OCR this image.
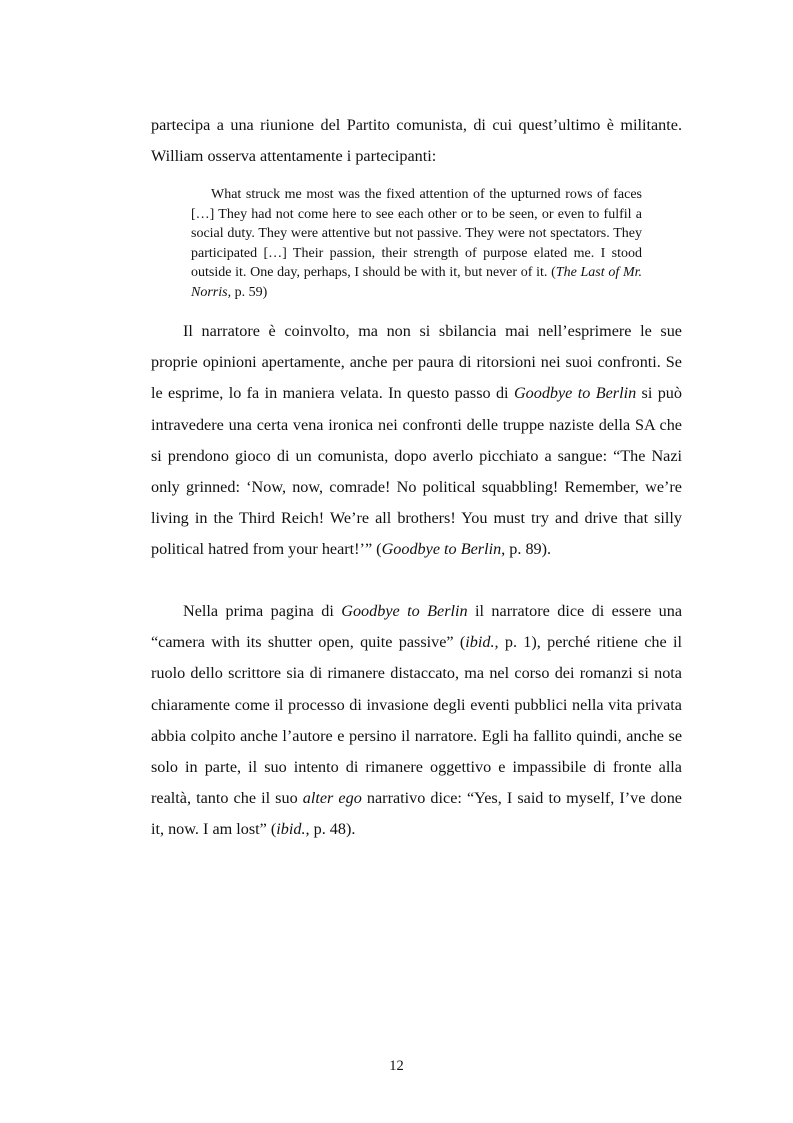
partecipa a una riunione del Partito comunista, di cui quest’ultimo è militante. William osserva attentamente i partecipanti:

What struck me most was the fixed attention of the upturned rows of faces […] They had not come here to see each other or to be seen, or even to fulfil a social duty. They were attentive but not passive. They were not spectators. They participated […] Their passion, their strength of purpose elated me. I stood outside it. One day, perhaps, I should be with it, but never of it. (The Last of Mr. Norris, p. 59)

Il narratore è coinvolto, ma non si sbilancia mai nell’esprimere le sue proprie opinioni apertamente, anche per paura di ritorsioni nei suoi confronti. Se le esprime, lo fa in maniera velata. In questo passo di Goodbye to Berlin si può intravedere una certa vena ironica nei confronti delle truppe naziste della SA che si prendono gioco di un comunista, dopo averlo picchiato a sangue: “The Nazi only grinned: ‘Now, now, comrade! No political squabbling! Remember, we’re living in the Third Reich! We’re all brothers! You must try and drive that silly political hatred from your heart!’” (Goodbye to Berlin, p. 89).

Nella prima pagina di Goodbye to Berlin il narratore dice di essere una “camera with its shutter open, quite passive” (ibid., p. 1), perché ritiene che il ruolo dello scrittore sia di rimanere distaccato, ma nel corso dei romanzi si nota chiaramente come il processo di invasione degli eventi pubblici nella vita privata abbia colpito anche l’autore e persino il narratore. Egli ha fallito quindi, anche se solo in parte, il suo intento di rimanere oggettivo e impassibile di fronte alla realtà, tanto che il suo alter ego narrativo dice: “Yes, I said to myself, I’ve done it, now. I am lost” (ibid., p. 48).

12
